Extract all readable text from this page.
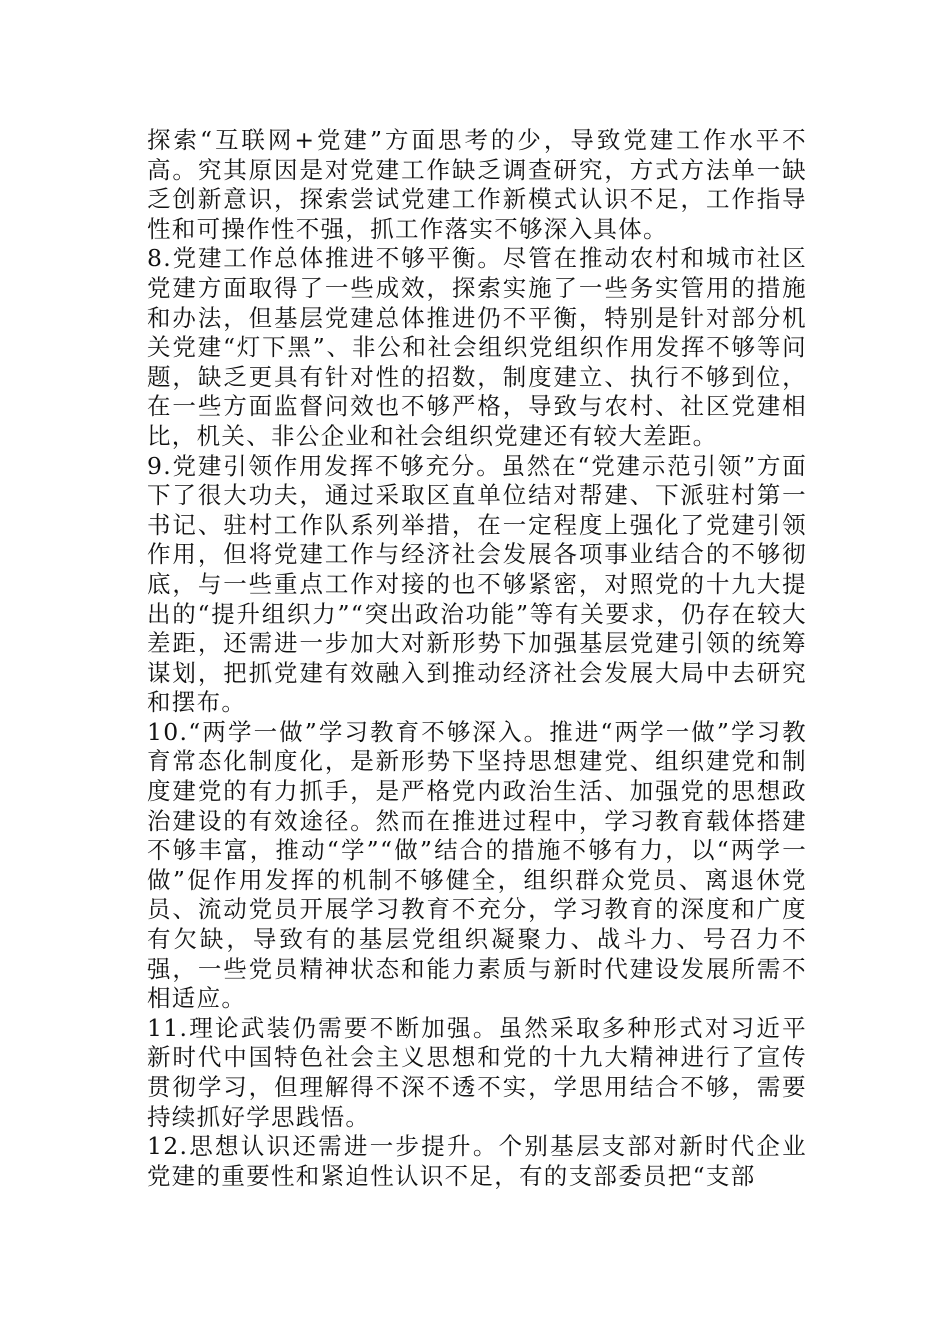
探索“互联网+党建”方面思考的少，导致党建工作水平不高。究其原因是对党建工作缺乏调查研究，方式方法单一缺乏创新意识，探索尝试党建工作新模式认识不足，工作指导性和可操作性不强，抓工作落实不够深入具体。

8.党建工作总体推进不够平衡。尽管在推动农村和城市社区党建方面取得了一些成效，探索实施了一些务实管用的措施和办法，但基层党建总体推进仍不平衡，特别是针对部分机关党建“灯下黑”、非公和社会组织党组织作用发挥不够等问题，缺乏更具有针对性的招数，制度建立、执行不够到位，在一些方面监督问效也不够严格，导致与农村、社区党建相比，机关、非公企业和社会组织党建还有较大差距。

9.党建引领作用发挥不够充分。虽然在“党建示范引领”方面下了很大功夫，通过采取区直单位结对帮建、下派驻村第一书记、驻村工作队系列举措，在一定程度上强化了党建引领作用，但将党建工作与经济社会发展各项事业结合的不够彻底，与一些重点工作对接的也不够紧密，对照党的十九大提出的“提升组织力”“突出政治功能”等有关要求，仍存在较大差距，还需进一步加大对新形势下加强基层党建引领的统筹谋划，把抓党建有效融入到推动经济社会发展大局中去研究和摆布。

10.“两学一做”学习教育不够深入。推进“两学一做”学习教育常态化制度化，是新形势下坚持思想建党、组织建党和制度建党的有力抓手，是严格党内政治生活、加强党的思想政治建设的有效途径。然而在推进过程中，学习教育载体搭建不够丰富，推动“学”“做”结合的措施不够有力，以“两学一做”促作用发挥的机制不够健全，组织群众党员、离退休党员、流动党员开展学习教育不充分，学习教育的深度和广度有欠缺，导致有的基层党组织凝聚力、战斗力、号召力不强，一些党员精神状态和能力素质与新时代建设发展所需不相适应。

11.理论武装仍需要不断加强。虽然采取多种形式对习近平新时代中国特色社会主义思想和党的十九大精神进行了宣传贯彻学习，但理解得不深不透不实，学思用结合不够，需要持续抓好学思践悟。

12.思想认识还需进一步提升。个别基层支部对新时代企业党建的重要性和紧迫性认识不足，有的支部委员把“支部
